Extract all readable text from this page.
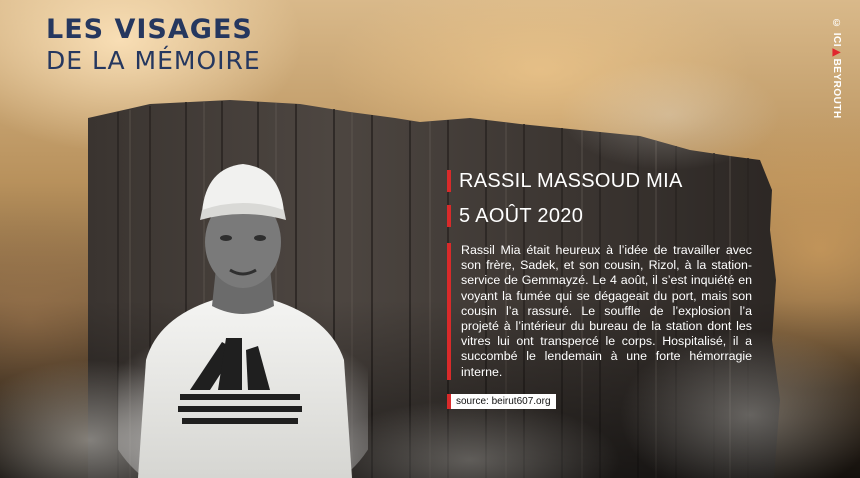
LES VISAGES

DE LA MÉMOIRE

© ICI▶BEYROUTH
RASSIL MASSOUD MIA
5 AOÛT 2020
Rassil Mia était heureux à l’idée de travailler avec son frère, Sadek, et son cousin, Rizol, à la station-service de Gemmayzé. Le 4 août, il s’est inquiété en voyant la fumée qui se dégageait du port, mais son cousin l’a rassuré. Le souffle de l’explosion l’a projeté à l’intérieur du bureau de la station dont les vitres lui ont transpercé le corps. Hospitalisé, il a succombé le lendemain à une forte hémorragie interne.
source: beirut607.org
